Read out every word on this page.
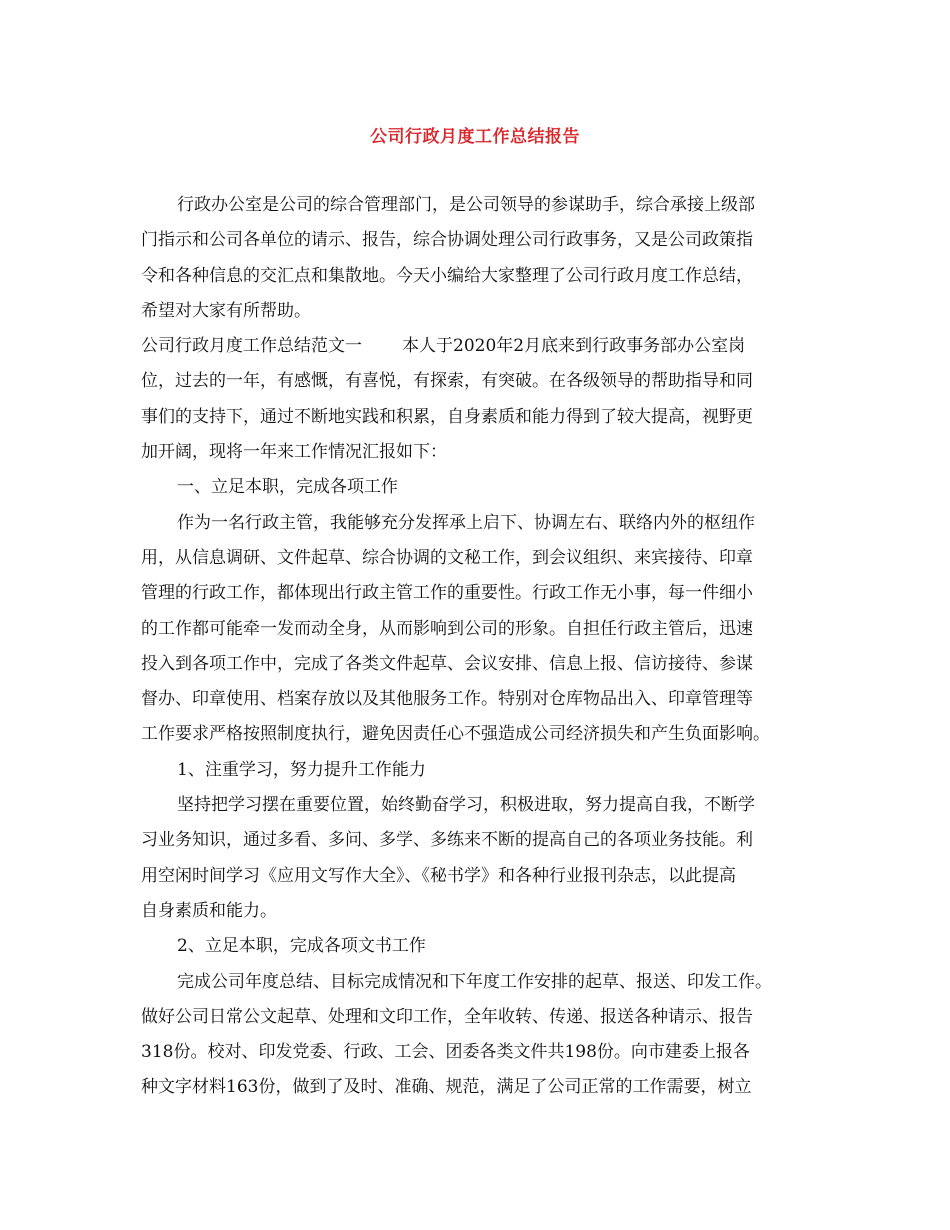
公司行政月度工作总结报告
行政办公室是公司的综合管理部门，是公司领导的参谋助手，综合承接上级部
门指示和公司各单位的请示、报告，综合协调处理公司行政事务，又是公司政策指
令和各种信息的交汇点和集散地。今天小编给大家整理了公司行政月度工作总结，
希望对大家有所帮助。
公司行政月度工作总结范文一 本人于2020年2月底来到行政事务部办公室岗
位，过去的一年，有感慨，有喜悦，有探索，有突破。在各级领导的帮助指导和同
事们的支持下，通过不断地实践和积累，自身素质和能力得到了较大提高，视野更
加开阔，现将一年来工作情况汇报如下：
一、立足本职，完成各项工作
作为一名行政主管，我能够充分发挥承上启下、协调左右、联络内外的枢纽作
用，从信息调研、文件起草、综合协调的文秘工作，到会议组织、来宾接待、印章
管理的行政工作，都体现出行政主管工作的重要性。行政工作无小事，每一件细小
的工作都可能牵一发而动全身，从而影响到公司的形象。自担任行政主管后，迅速
投入到各项工作中，完成了各类文件起草、会议安排、信息上报、信访接待、参谋
督办、印章使用、档案存放以及其他服务工作。特别对仓库物品出入、印章管理等
工作要求严格按照制度执行，避免因责任心不强造成公司经济损失和产生负面影响。
1、注重学习，努力提升工作能力
坚持把学习摆在重要位置，始终勤奋学习，积极进取，努力提高自我，不断学
习业务知识，通过多看、多问、多学、多练来不断的提高自己的各项业务技能。利
用空闲时间学习《应用文写作大全》、《秘书学》和各种行业报刊杂志，以此提高
自身素质和能力。
2、立足本职，完成各项文书工作
完成公司年度总结、目标完成情况和下年度工作安排的起草、报送、印发工作。
做好公司日常公文起草、处理和文印工作，全年收转、传递、报送各种请示、报告
318份。校对、印发党委、行政、工会、团委各类文件共198份。向市建委上报各
种文字材料163份，做到了及时、准确、规范，满足了公司正常的工作需要，树立
